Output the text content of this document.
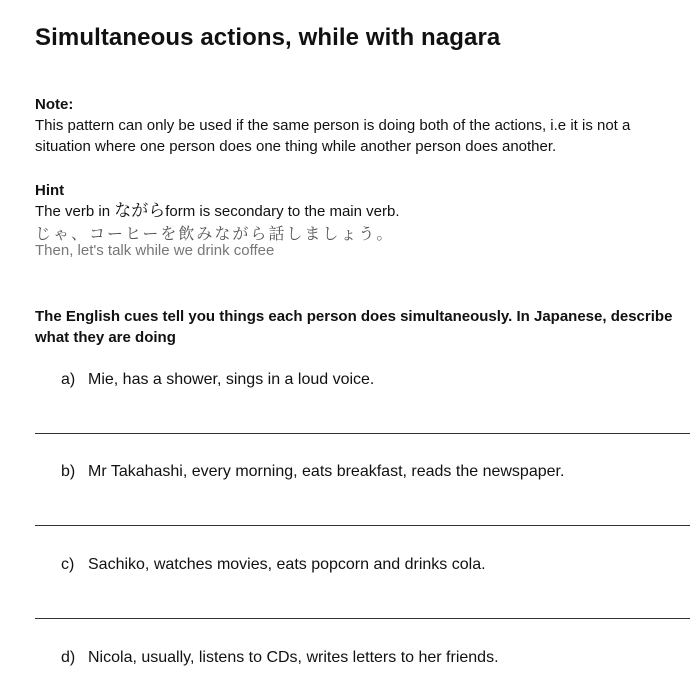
Simultaneous actions, while with nagara
Note:
This pattern can only be used if the same person is doing both of the actions, i.e it is not a situation where one person does one thing while another person does another.
Hint
The verb in ながらform is secondary to the main verb.
じゃ、コーヒーを飲みながら話しましょう。
Then, let's talk while we drink coffee
The English cues tell you things each person does simultaneously. In Japanese, describe what they are doing
a) Mie, has a shower, sings in a loud voice.
b) Mr Takahashi, every morning, eats breakfast, reads the newspaper.
c) Sachiko, watches movies, eats popcorn and drinks cola.
d) Nicola, usually, listens to CDs, writes letters to her friends.
